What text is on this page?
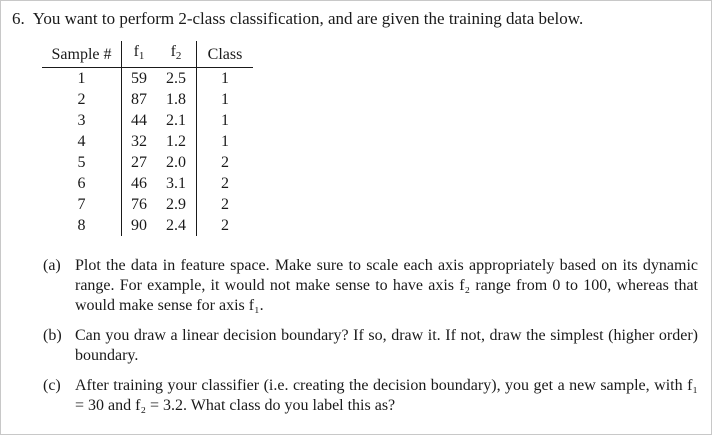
6. You want to perform 2-class classification, and are given the training data below.
Sample #	$f_1$	$f_2$	Class
1	59	2.5	1
2	87	1.8	1
3	44	2.1	1
4	32	1.2	1
5	27	2.0	2
6	46	3.1	2
7	76	2.9	2
8	90	2.4	2
(a) Plot the data in feature space. Make sure to scale each axis appropriately based on its dynamic range. For example, it would not make sense to have axis f₂ range from 0 to 100, whereas that would make sense for axis f₁.
(b) Can you draw a linear decision boundary? If so, draw it. If not, draw the simplest (higher order) boundary.
(c) After training your classifier (i.e. creating the decision boundary), you get a new sample, with f₁ = 30 and f₂ = 3.2. What class do you label this as?
